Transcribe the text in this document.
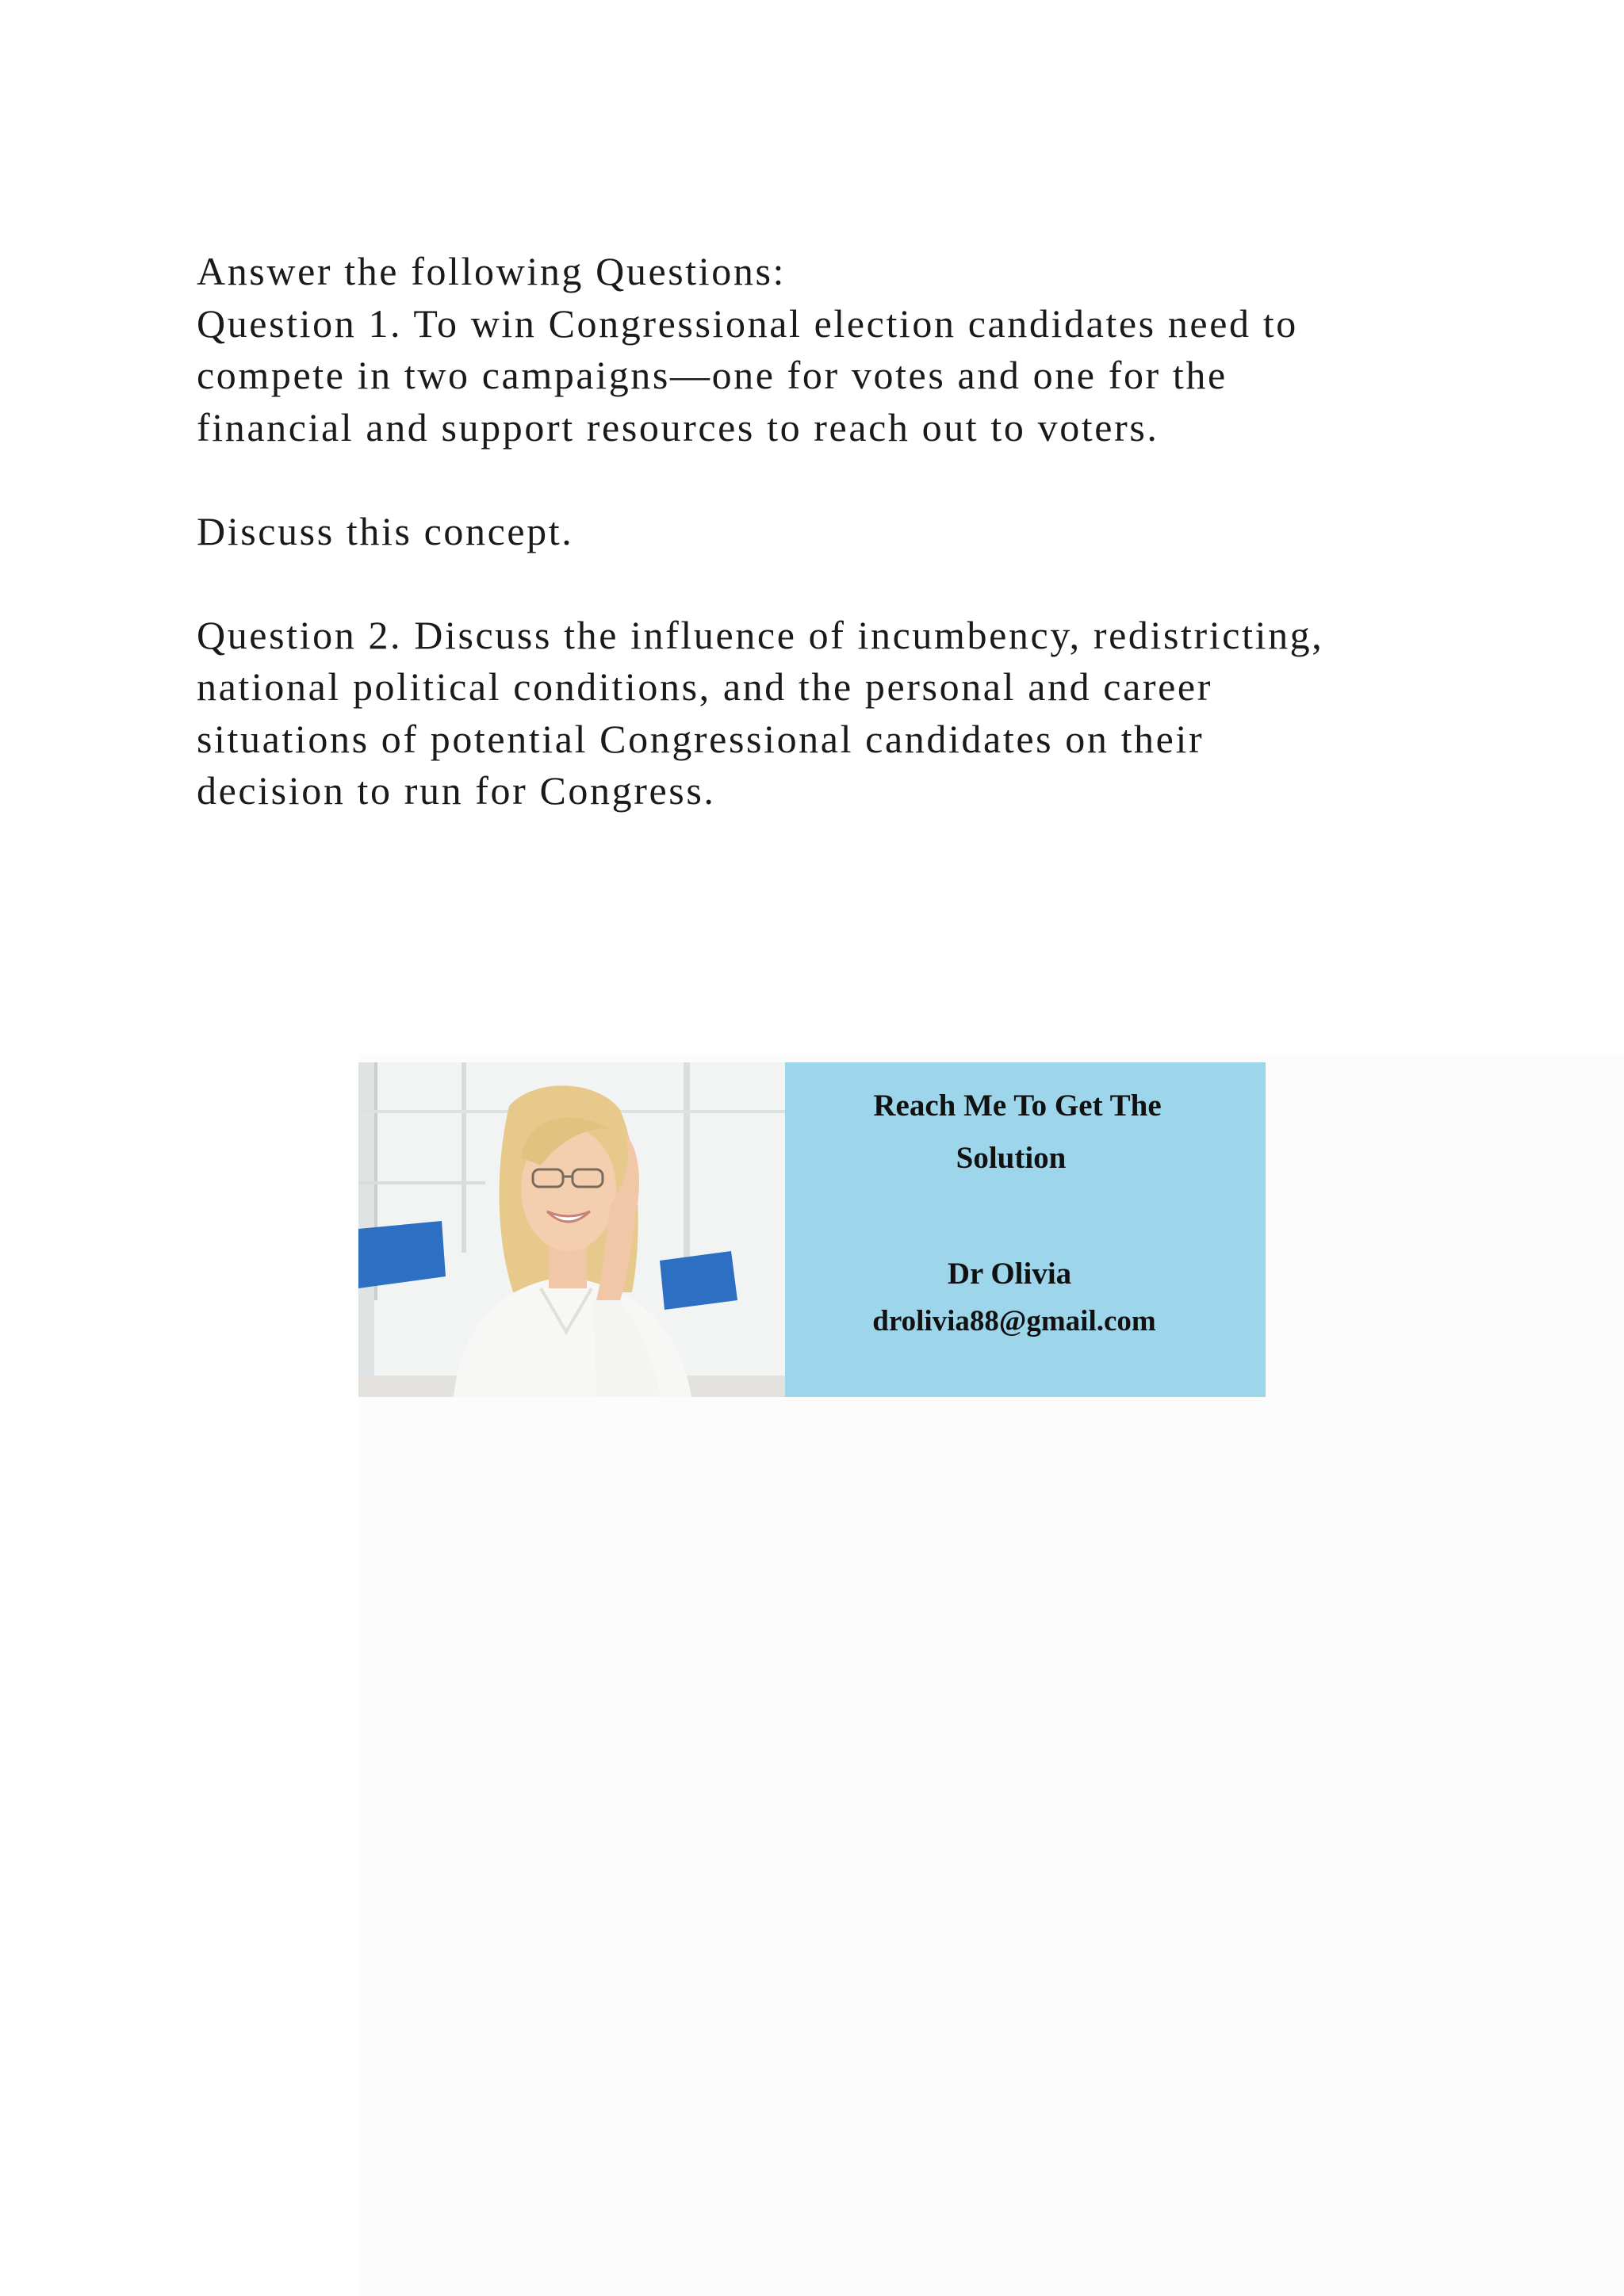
Answer the following Questions:

Question 1. To win Congressional election candidates need to

compete in two campaigns—one for votes and one for the

financial and support resources to reach out to voters.

Discuss this concept.

Question 2. Discuss the influence of incumbency, redistricting,

national political conditions, and the personal and career

situations of potential Congressional candidates on their

decision to run for Congress.

Reach Me To Get The
Solution
Dr Olivia
drolivia88@gmail.com
